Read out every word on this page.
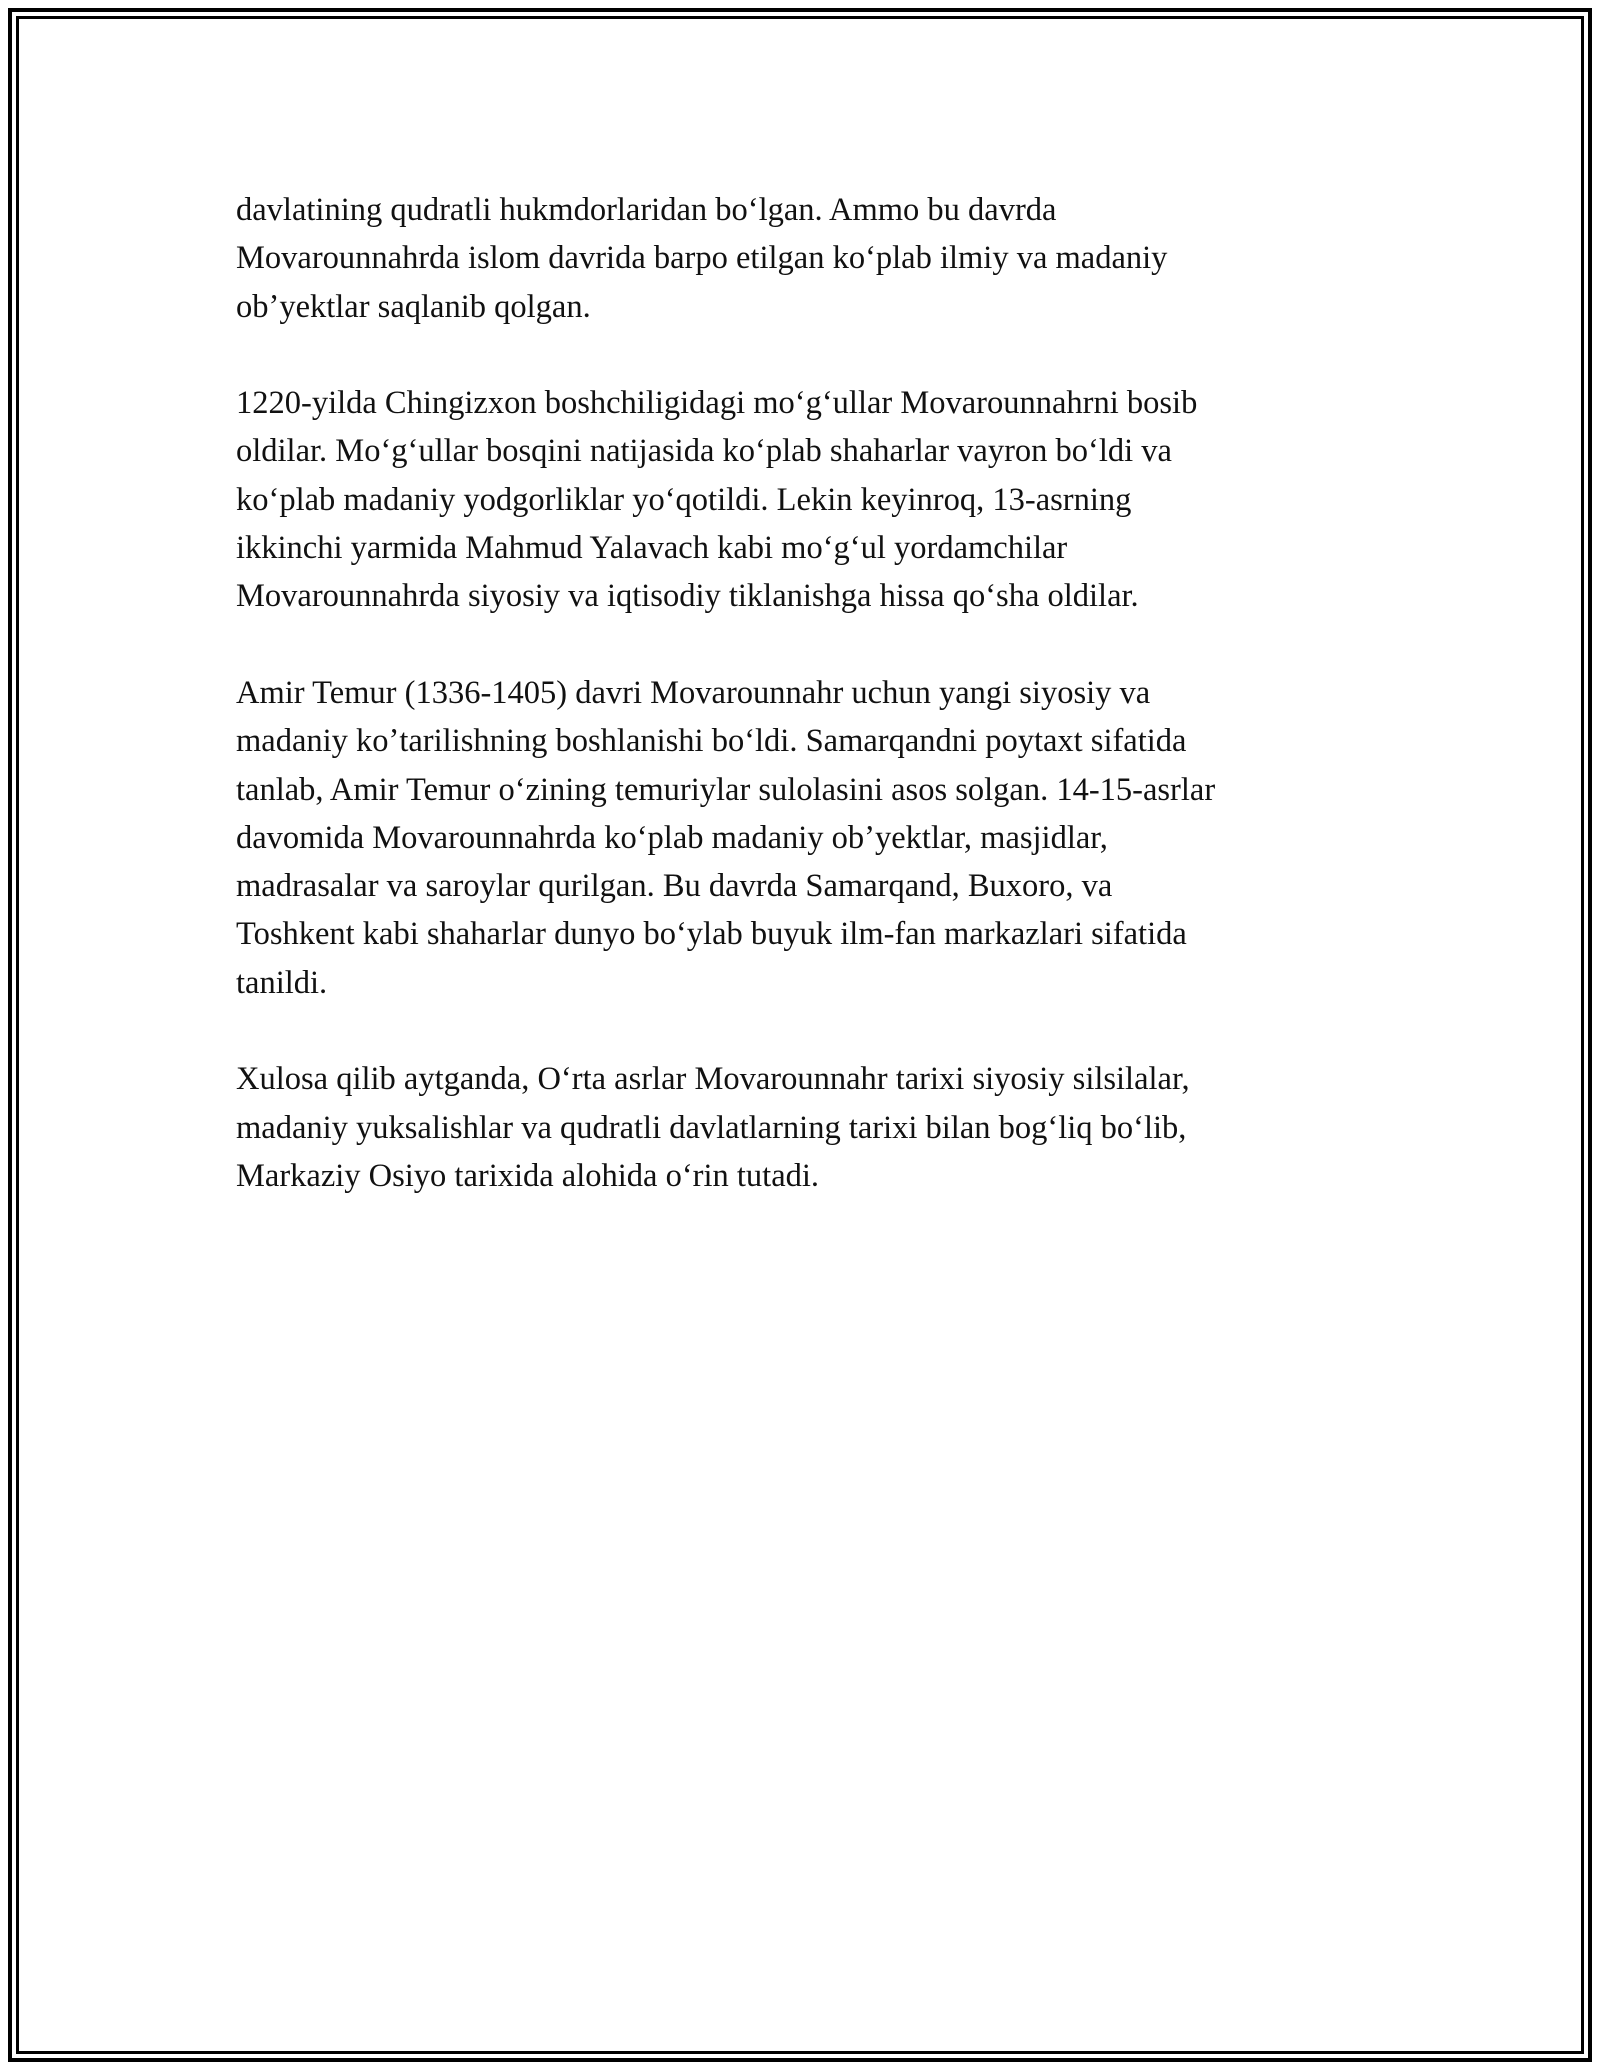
davlatining qudratli hukmdorlaridan boʻlgan. Ammo bu davrda
Movarounnahrda islom davrida barpo etilgan koʻplab ilmiy va madaniy
obʼyektlar saqlanib qolgan.

1220-yilda Chingizxon boshchiligidagi moʻgʻullar Movarounnahrni bosib
oldilar. Moʻgʻullar bosqini natijasida koʻplab shaharlar vayron boʻldi va
koʻplab madaniy yodgorliklar yoʻqotildi. Lekin keyinroq, 13-asrning
ikkinchi yarmida Mahmud Yalavach kabi moʻgʻul yordamchilar
Movarounnahrda siyosiy va iqtisodiy tiklanishga hissa qoʻsha oldilar.

Amir Temur (1336-1405) davri Movarounnahr uchun yangi siyosiy va
madaniy koʼtarilishning boshlanishi boʻldi. Samarqandni poytaxt sifatida
tanlab, Amir Temur oʻzining temuriylar sulolasini asos solgan. 14-15-asrlar
davomida Movarounnahrda koʻplab madaniy obʼyektlar, masjidlar,
madrasalar va saroylar qurilgan. Bu davrda Samarqand, Buxoro, va
Toshkent kabi shaharlar dunyo boʻylab buyuk ilm-fan markazlari sifatida
tanildi.

Xulosa qilib aytganda, Oʻrta asrlar Movarounnahr tarixi siyosiy silsilalar,
madaniy yuksalishlar va qudratli davlatlarning tarixi bilan bogʻliq boʻlib,
Markaziy Osiyo tarixida alohida oʻrin tutadi.
